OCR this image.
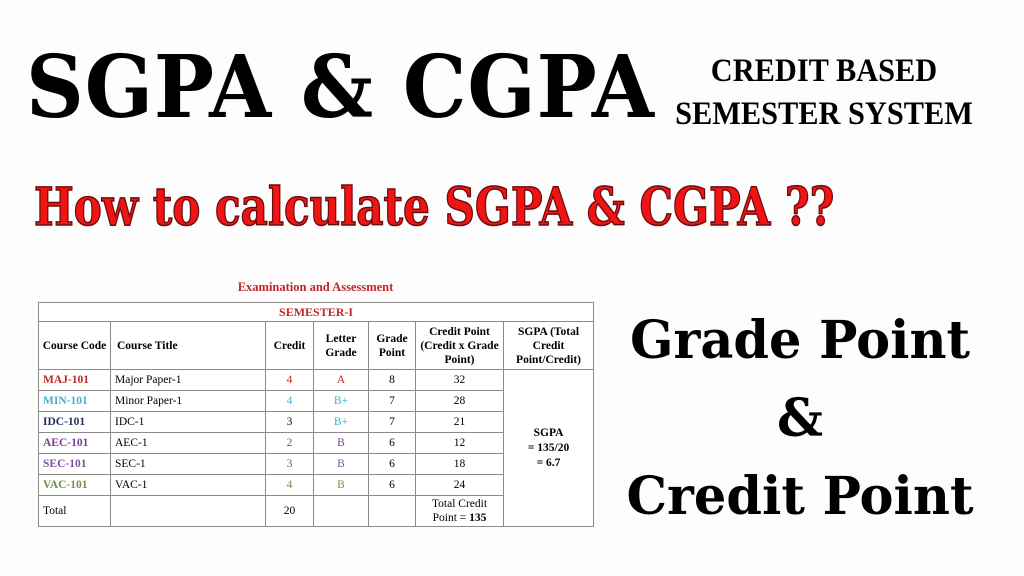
SGPA & CGPA	CREDIT BASED
SEMESTER SYSTEM
How to calculate SGPA & CGPA ??
Examination and Assessment
SEMESTER-I						
Course Code	Course Title	Credit	Letter Grade	Grade Point	Credit Point (Credit x Grade Point)	SGPA (Total Credit Point/Credit)
MAJ-101	Major Paper-1	4	A	8	32	SGPA
= 135/20
= 6.7

MIN-101	Minor Paper-1	4	B+	7	28	
IDC-101	IDC-1	3	B+	7	21	
AEC-101	AEC-1	2	B	6	12	
SEC-101	SEC-1	3	B	6	18	
VAC-101	VAC-1	4	B	6	24	
Total		20			Total Credit
Point = 135	
Grade Point
&
Credit Point
